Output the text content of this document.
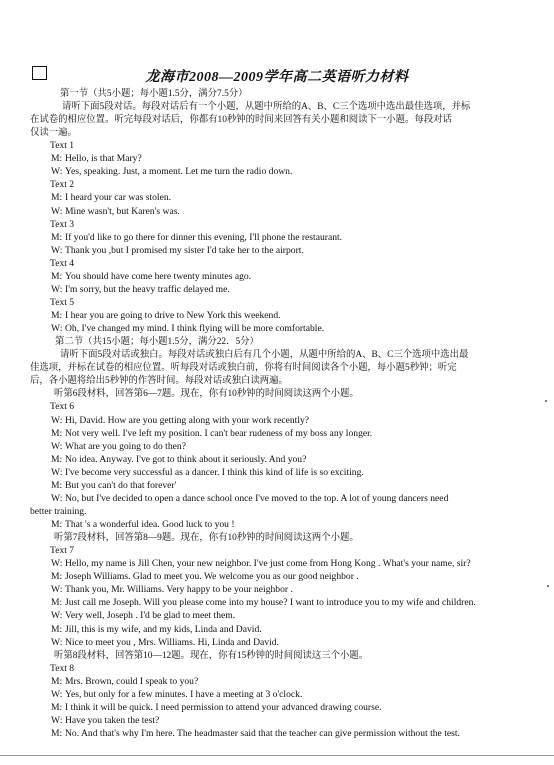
龙海市2008—2009学年高二英语听力材料
第一节（共5小题；每小题1.5分，满分7.5分）
请听下面5段对话。每段对话后有一个小题，从题中所给的A、B、C三个选项中选出最佳选项，并标
在试卷的相应位置。听完每段对话后，你都有10秒钟的时间来回答有关小题和阅读下一小题。每段对话
仅读一遍。
Text 1
M: Hello, is that Mary?
W: Yes, speaking. Just, a moment. Let me turn the radio down.
Text 2
M: I heard your car was stolen.
W: Mine wasn't, but Karen's was.
Text 3
M: If you'd like to go there for dinner this evening, I'll phone the restaurant.
W: Thank you ,but I promised my sister I'd take her to the airport.
Text 4
M: You should have come here twenty minutes ago.
W: I'm sorry, but the heavy traffic delayed me.
Text 5
M: I hear you are going to drive to New York this weekend.
W: Oh, I've changed my mind. I think flying will be more comfortable.
第二节（共15小题；每小题1.5分，满分22．5分）
请听下面5段对话或独白。每段对话或独白后有几个小题，从题中所给的A、B、C三个选项中选出最
佳选项，并标在试卷的相应位置。听每段对话或独白前，你将有时间阅读各个小题，每小题5秒钟；听完
后，各小题将给出5秒钟的作答时间。每段对话或独白读两遍。
听第6段材料，回答第6—7题。现在，你有10秒钟的时间阅读这两个小题。
Text 6
W: Hi, David. How are you getting along with your work recently?
M: Not very well. I've left my position. I can't bear rudeness of my boss any longer.
W: What are you going to do then?
M: No idea. Anyway. I've got to think about it seriously. And you?
W: I've become very successful as a dancer. I think this kind of life is so exciting.
M: But you can't do that forever'
W: No, but I've decided to open a dance school once I've moved to the top. A lot of young dancers need
better training.
M: That 's a wonderful idea. Good luck to you !
听第7段材料，回答第8—9题。现在，你有10秒钟的时间阅读这两个小题。
Text 7
W: Hello, my name is Jill Chen, your new neighbor. I've just come from Hong Kong . What's your name, sir?
M: Joseph Williams. Glad to meet you. We welcome you as our good neighbor .
W: Thank you, Mr. Williams. Very happy to be your neighbor .
M: Just call me Joseph. Will you please come into my house? I want to introduce you to my wife and children.
W: Very well, Joseph . I'd be glad to meet them.
M: Jill, this is my wife, and my kids, Linda and David.
W: Nice to meet you , Mrs. Williams. Hi, Linda and David.
听第8段材料，回答第10—12题。现在，你有15秒钟的时间阅读这三个小题。
Text 8
M: Mrs. Brown, could I speak to you?
W: Yes, but only for a few minutes. I have a meeting at 3 o'clock.
M: I think it will be quick. I need permission to attend your advanced drawing course.
W: Have you taken the test?
M: No. And that's why I'm here. The headmaster said that the teacher can give permission without the test.
